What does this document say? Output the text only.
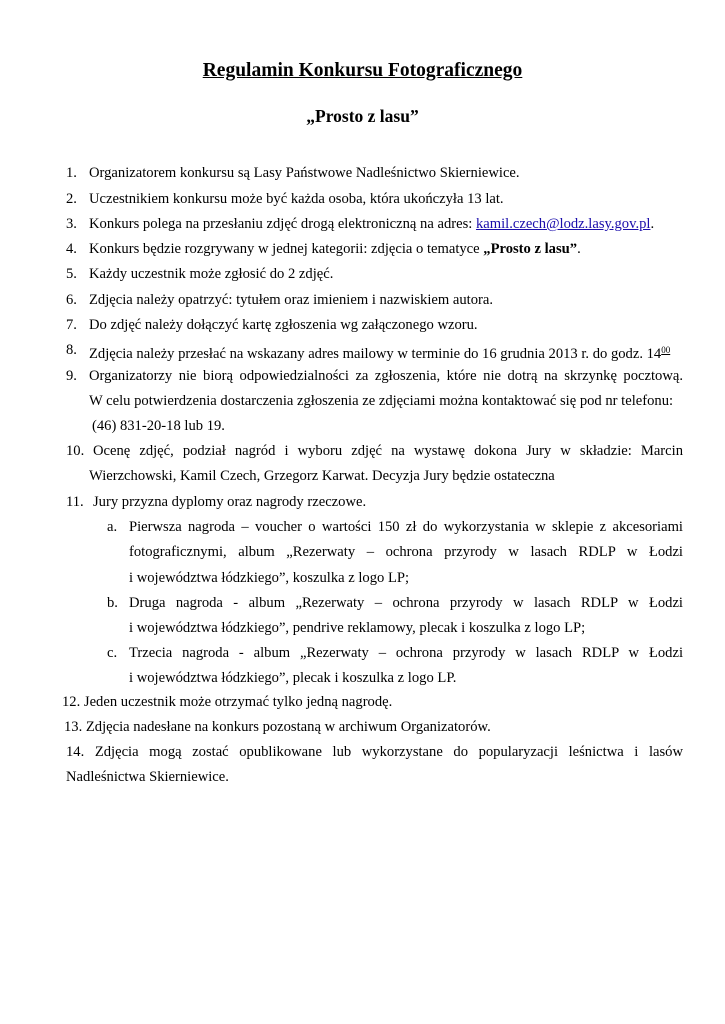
Regulamin Konkursu Fotograficznego
„Prosto z lasu”
1. Organizatorem konkursu są Lasy Państwowe Nadleśnictwo Skierniewice.
2. Uczestnikiem konkursu może być każda osoba, która ukończyła 13 lat.
3. Konkurs polega na przesłaniu zdjęć drogą elektroniczną na adres: kamil.czech@lodz.lasy.gov.pl.
4. Konkurs będzie rozgrywany w jednej kategorii: zdjęcia o tematyce „Prosto z lasu”.
5. Każdy uczestnik może zgłosić do 2 zdjęć.
6. Zdjęcia należy opatrzyć: tytułem oraz imieniem i nazwiskiem autora.
7. Do zdjęć należy dołączyć kartę zgłoszenia wg załączonego wzoru.
8. Zdjęcia należy przesłać na wskazany adres mailowy w terminie do 16 grudnia 2013 r. do godz. $14^{00}$
9. Organizatorzy nie biorą odpowiedzialności za zgłoszenia, które nie dotrą na skrzynkę pocztową.
W celu potwierdzenia dostarczenia zgłoszenia ze zdjęciami można kontaktować się pod nr telefonu:
(46) 831-20-18 lub 19.
10. Ocenę zdjęć, podział nagród i wyboru zdjęć na wystawę dokona Jury w składzie: Marcin
Wierzchowski, Kamil Czech, Grzegorz Karwat. Decyzja Jury będzie ostateczna
11. Jury przyzna dyplomy oraz nagrody rzeczowe.
a. Pierwsza nagroda – voucher o wartości 150 zł do wykorzystania w sklepie z akcesoriami
fotograficznymi, album „Rezerwaty – ochrona przyrody w lasach RDLP w Łodzi
i województwa łódzkiego”, koszulka z logo LP;
b. Druga nagroda - album „Rezerwaty – ochrona przyrody w lasach RDLP w Łodzi
i województwa łódzkiego”, pendrive reklamowy, plecak i koszulka z logo LP;
c. Trzecia nagroda - album „Rezerwaty – ochrona przyrody w lasach RDLP w Łodzi
i województwa łódzkiego”, plecak i koszulka z logo LP.
12. Jeden uczestnik może otrzymać tylko jedną nagrodę.
13. Zdjęcia nadesłane na konkurs pozostaną w archiwum Organizatorów.
14. Zdjęcia mogą zostać opublikowane lub wykorzystane do popularyzacji leśnictwa i lasów
Nadleśnictwa Skierniewice.
